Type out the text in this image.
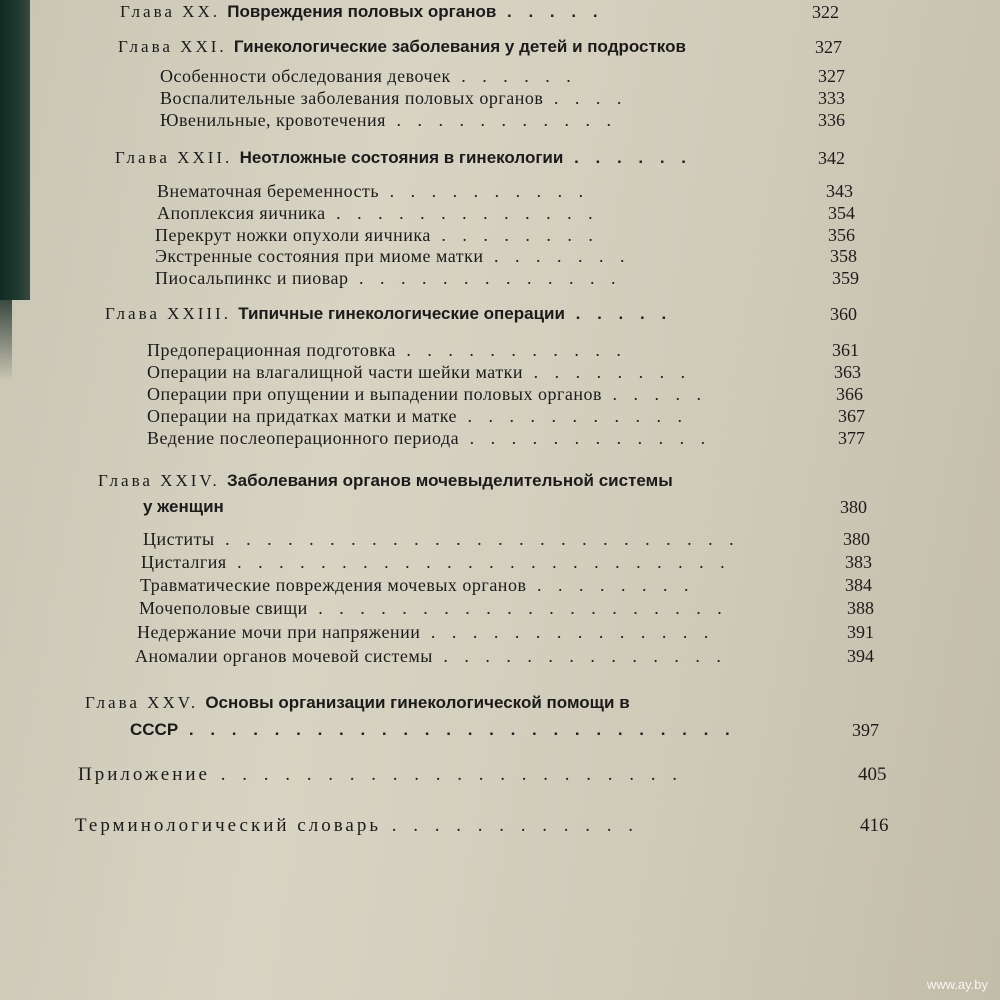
Глава XX. Повреждения половых органов . . . . .	322
Глава XXI. Гинекологические заболевания у детей и подростков	327
Особенности обследования девочек . . . . . .	327
Воспалительные заболевания половых органов . . . .	333
Ювенильные, кровотечения . . . . . . . . . . .	336
Глава XXII. Неотложные состояния в гинекологии . . . . . .	342
Внематочная беременность . . . . . . . . . .	343
Апоплексия яичника . . . . . . . . . . . . .	354
Перекрут ножки опухоли яичника . . . . . . . .	356
Экстренные состояния при миоме матки . . . . . . .	358
Пиосальпинкс и пиовар . . . . . . . . . . . . .	359
Глава XXIII. Типичные гинекологические операции . . . . .	360
Предоперационная подготовка . . . . . . . . . . .	361
Операции на влагалищной части шейки матки . . . . . . . .	363
Операции при опущении и выпадении половых органов . . . . .	366
Операции на придатках матки и матке . . . . . . . . . . .	367
Ведение послеоперационного периода . . . . . . . . . . . .	377
Глава XXIV. Заболевания органов мочевыделительной системы
у женщин	380
Циститы . . . . . . . . . . . . . . . . . . . . . . . . .	380
Цисталгия . . . . . . . . . . . . . . . . . . . . . . . .	383
Травматические повреждения мочевых органов . . . . . . . .	384
Мочеполовые свищи . . . . . . . . . . . . . . . . . . . .	388
Недержание мочи при напряжении . . . . . . . . . . . . . .	391
Аномалии органов мочевой системы . . . . . . . . . . . . . .	394
Глава XXV. Основы организации гинекологической помощи в
СССР . . . . . . . . . . . . . . . . . . . . . . . . . .	397
Приложение . . . . . . . . . . . . . . . . . . . . . .	405
Терминологический словарь . . . . . . . . . . . .	416
www.ay.by
